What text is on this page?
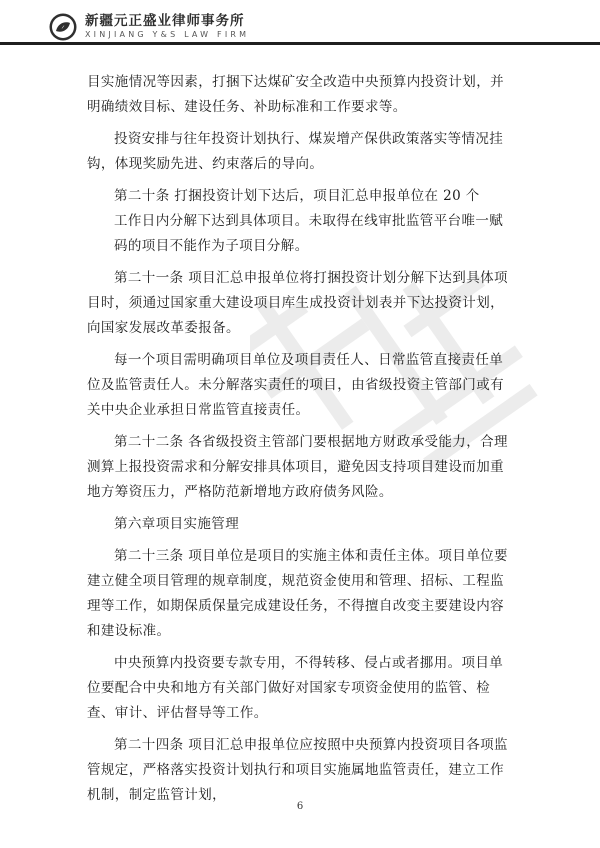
新疆元正盛业律师事务所
XINJIANG Y&S LAW FIRM

目实施情况等因素，打捆下达煤矿安全改造中央预算内投资计划，并明确绩效目标、建设任务、补助标准和工作要求等。

投资安排与往年投资计划执行、煤炭增产保供政策落实等情况挂钩，体现奖励先进、约束落后的导向。

第二十条 打捆投资计划下达后，项目汇总申报单位在 20 个

工作日内分解下达到具体项目。未取得在线审批监管平台唯一赋

码的项目不能作为子项目分解。

第二十一条 项目汇总申报单位将打捆投资计划分解下达到具体项目时，须通过国家重大建设项目库生成投资计划表并下达投资计划，向国家发展改革委报备。

每一个项目需明确项目单位及项目责任人、日常监管直接责任单位及监管责任人。未分解落实责任的项目，由省级投资主管部门或有关中央企业承担日常监管直接责任。

第二十二条 各省级投资主管部门要根据地方财政承受能力，合理测算上报投资需求和分解安排具体项目，避免因支持项目建设而加重地方筹资压力，严格防范新增地方政府债务风险。

第六章项目实施管理

第二十三条 项目单位是项目的实施主体和责任主体。项目单位要建立健全项目管理的规章制度，规范资金使用和管理、招标、工程监理等工作，如期保质保量完成建设任务，不得擅自改变主要建设内容和建设标准。

中央预算内投资要专款专用，不得转移、侵占或者挪用。项目单位要配合中央和地方有关部门做好对国家专项资金使用的监管、检查、审计、评估督导等工作。

第二十四条 项目汇总申报单位应按照中央预算内投资项目各项监管规定，严格落实投资计划执行和项目实施属地监管责任，建立工作机制，制定监管计划，

6
